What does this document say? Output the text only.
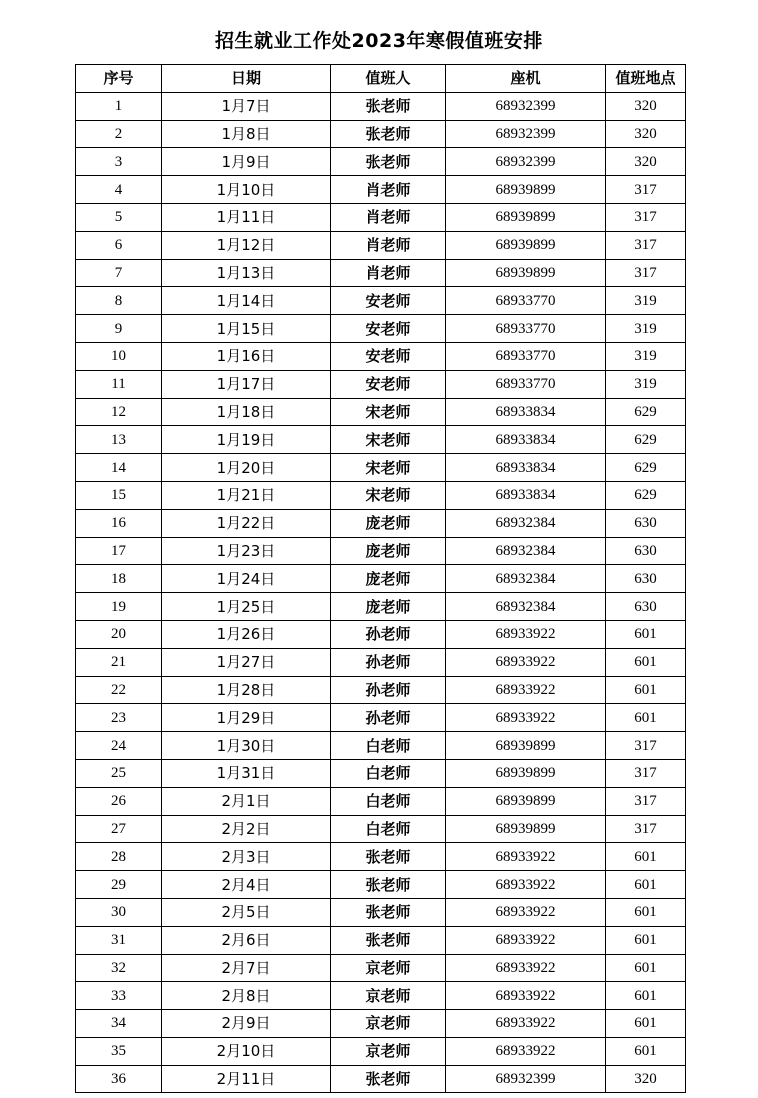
招生就业工作处2023年寒假值班安排
序号	日期	值班人	座机	值班地点
1	1月7日	张老师	68932399	320
2	1月8日	张老师	68932399	320
3	1月9日	张老师	68932399	320
4	1月10日	肖老师	68939899	317
5	1月11日	肖老师	68939899	317
6	1月12日	肖老师	68939899	317
7	1月13日	肖老师	68939899	317
8	1月14日	安老师	68933770	319
9	1月15日	安老师	68933770	319
10	1月16日	安老师	68933770	319
11	1月17日	安老师	68933770	319
12	1月18日	宋老师	68933834	629
13	1月19日	宋老师	68933834	629
14	1月20日	宋老师	68933834	629
15	1月21日	宋老师	68933834	629
16	1月22日	庞老师	68932384	630
17	1月23日	庞老师	68932384	630
18	1月24日	庞老师	68932384	630
19	1月25日	庞老师	68932384	630
20	1月26日	孙老师	68933922	601
21	1月27日	孙老师	68933922	601
22	1月28日	孙老师	68933922	601
23	1月29日	孙老师	68933922	601
24	1月30日	白老师	68939899	317
25	1月31日	白老师	68939899	317
26	2月1日	白老师	68939899	317
27	2月2日	白老师	68939899	317
28	2月3日	张老师	68933922	601
29	2月4日	张老师	68933922	601
30	2月5日	张老师	68933922	601
31	2月6日	张老师	68933922	601
32	2月7日	京老师	68933922	601
33	2月8日	京老师	68933922	601
34	2月9日	京老师	68933922	601
35	2月10日	京老师	68933922	601
36	2月11日	张老师	68932399	320
